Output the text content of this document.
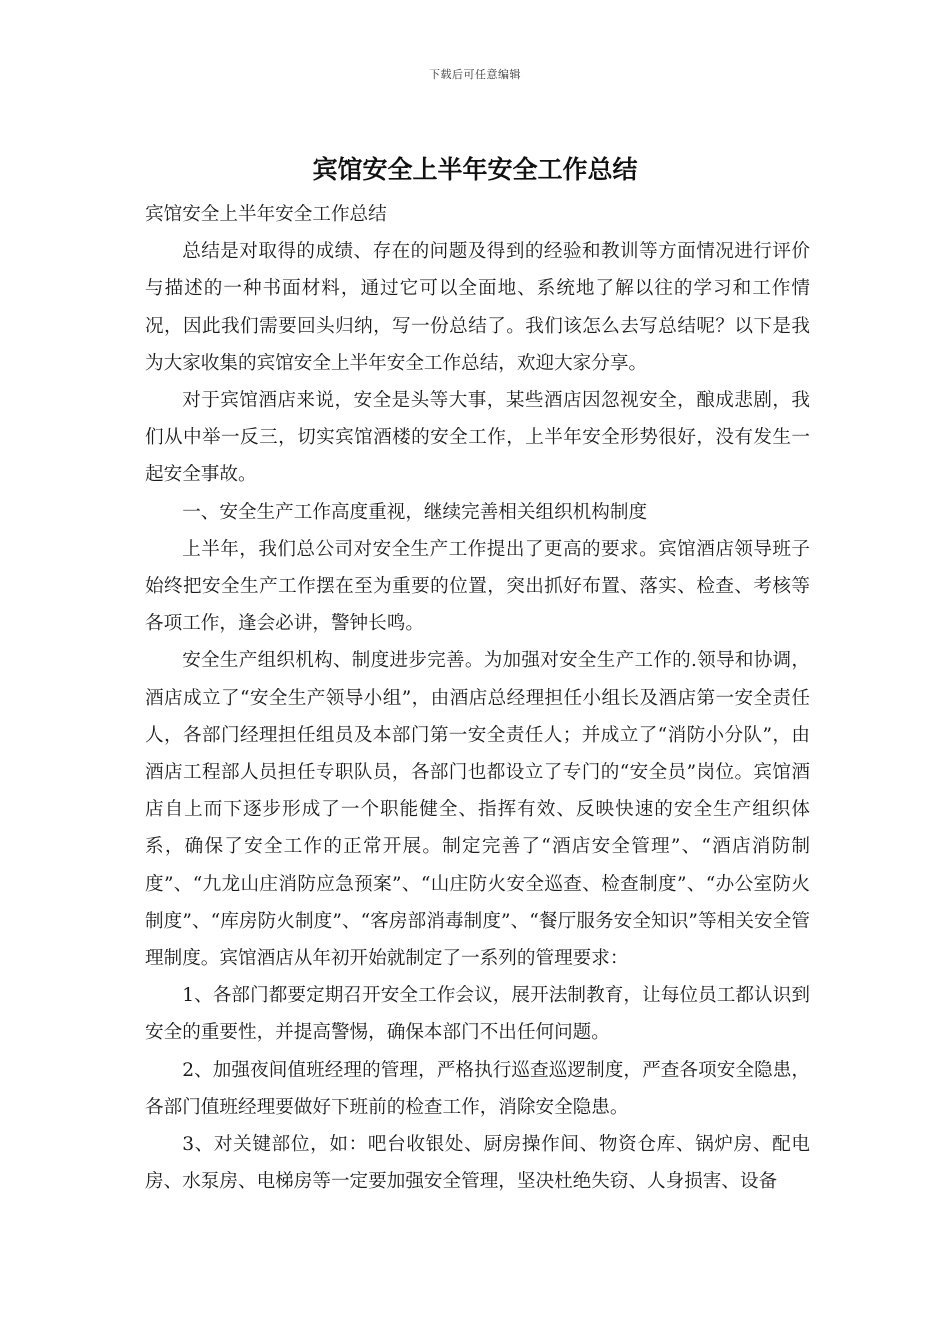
下载后可任意编辑
宾馆安全上半年安全工作总结

宾馆安全上半年安全工作总结

总结是对取得的成绩、存在的问题及得到的经验和教训等方面情况进行评价与描述的一种书面材料，通过它可以全面地、系统地了解以往的学习和工作情况，因此我们需要回头归纳，写一份总结了。我们该怎么去写总结呢？以下是我为大家收集的宾馆安全上半年安全工作总结，欢迎大家分享。

对于宾馆酒店来说，安全是头等大事，某些酒店因忽视安全，酿成悲剧，我们从中举一反三，切实宾馆酒楼的安全工作，上半年安全形势很好，没有发生一起安全事故。

一、安全生产工作高度重视，继续完善相关组织机构制度

上半年，我们总公司对安全生产工作提出了更高的要求。宾馆酒店领导班子始终把安全生产工作摆在至为重要的位置，突出抓好布置、落实、检查、考核等各项工作，逢会必讲，警钟长鸣。

安全生产组织机构、制度进步完善。为加强对安全生产工作的.领导和协调，酒店成立了“安全生产领导小组”，由酒店总经理担任小组长及酒店第一安全责任人，各部门经理担任组员及本部门第一安全责任人；并成立了“消防小分队”，由酒店工程部人员担任专职队员，各部门也都设立了专门的“安全员”岗位。宾馆酒店自上而下逐步形成了一个职能健全、指挥有效、反映快速的安全生产组织体系，确保了安全工作的正常开展。制定完善了“酒店安全管理”、“酒店消防制度”、“九龙山庄消防应急预案”、“山庄防火安全巡查、检查制度”、“办公室防火制度”、“库房防火制度”、“客房部消毒制度”、“餐厅服务安全知识”等相关安全管理制度。宾馆酒店从年初开始就制定了一系列的管理要求：

1、各部门都要定期召开安全工作会议，展开法制教育，让每位员工都认识到安全的重要性，并提高警惕，确保本部门不出任何问题。

2、加强夜间值班经理的管理，严格执行巡查巡逻制度，严查各项安全隐患，各部门值班经理要做好下班前的检查工作，消除安全隐患。

3、对关键部位，如：吧台收银处、厨房操作间、物资仓库、锅炉房、配电房、水泵房、电梯房等一定要加强安全管理，坚决杜绝失窃、人身损害、设备
